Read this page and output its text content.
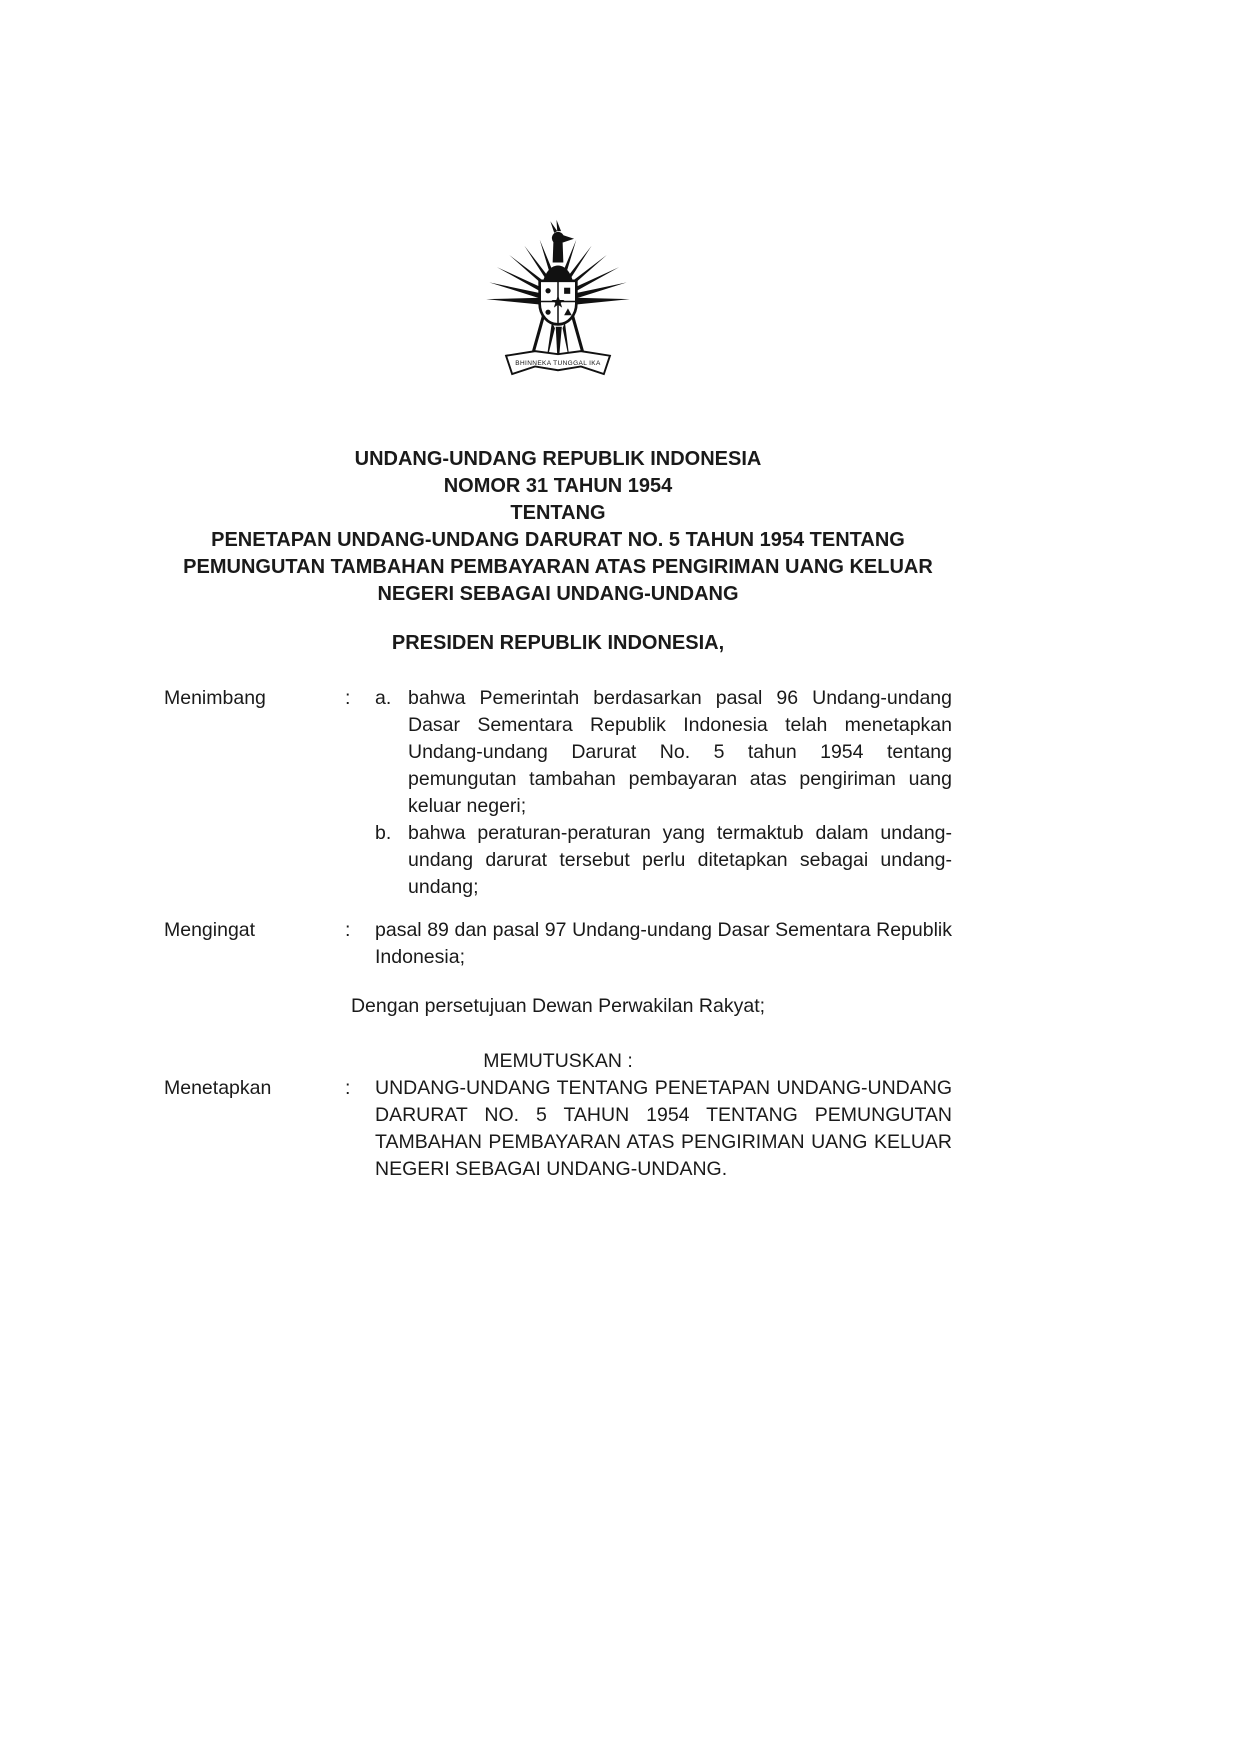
BHINNEKA TUNGGAL IKA
UNDANG-UNDANG REPUBLIK INDONESIA
NOMOR 31 TAHUN 1954
TENTANG
PENETAPAN UNDANG-UNDANG DARURAT NO. 5 TAHUN 1954 TENTANG
PEMUNGUTAN TAMBAHAN PEMBAYARAN ATAS PENGIRIMAN UANG KELUAR
NEGERI SEBAGAI UNDANG-UNDANG
PRESIDEN REPUBLIK INDONESIA,
Menimbang	:	a. bahwa Pemerintah berdasarkan pasal 96 Undang-undang Dasar Sementara Republik Indonesia telah menetapkan Undang-undang Darurat No. 5 tahun 1954 tentang pemungutan tambahan pembayaran atas pengiriman uang keluar negeri;
b. bahwa peraturan-peraturan yang termaktub dalam undang- undang darurat tersebut perlu ditetapkan sebagai undang- undang;
Mengingat	:	pasal 89 dan pasal 97 Undang-undang Dasar Sementara Republik Indonesia;
Dengan persetujuan Dewan Perwakilan Rakyat;
MEMUTUSKAN :
Menetapkan	:	UNDANG-UNDANG TENTANG PENETAPAN UNDANG-UNDANG DARURAT NO. 5 TAHUN 1954 TENTANG PEMUNGUTAN TAMBAHAN PEMBAYARAN ATAS PENGIRIMAN UANG KELUAR NEGERI SEBAGAI UNDANG-UNDANG.
